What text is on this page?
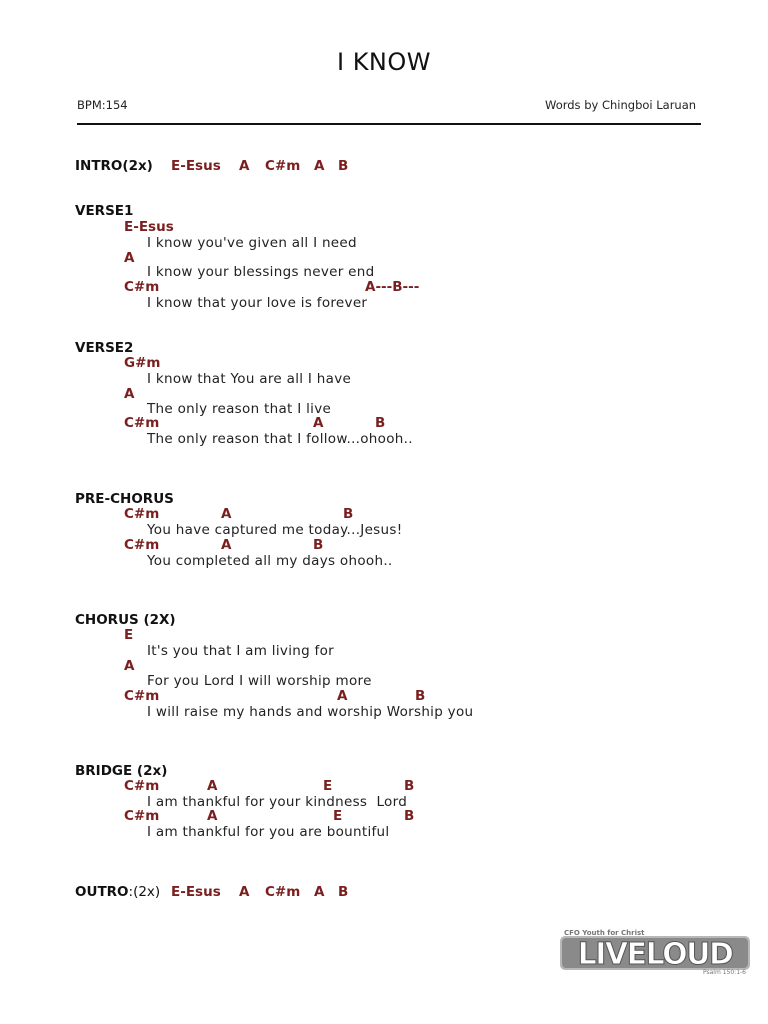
I KNOW
BPM:154	Words by Chingboi Laruan
INTRO(2x) E-Esus A C#m A B
VERSE1
E-Esus
I know you've given all I need
A
I know your blessings never end
C#m	A---B---
I know that your love is forever
VERSE2
G#m
I know that You are all I have
A
The only reason that I live
C#m	A	B
The only reason that I follow...ohooh..
PRE-CHORUS
C#m	A	B
You have captured me today...Jesus!
C#m	A	B
You completed all my days ohooh..
CHORUS (2X)
E
It's you that I am living for
A
For you Lord I will worship more
C#m	A	B
I will raise my hands and worship Worship you
BRIDGE (2x)
C#m	A	E	B
I am thankful for your kindness  Lord
C#m	A	E	B
I am thankful for you are bountiful
OUTRO:(2x) E-Esus A C#m A B
LIVELOUD
CFO Youth for Christ
Psalm 150:1-6
